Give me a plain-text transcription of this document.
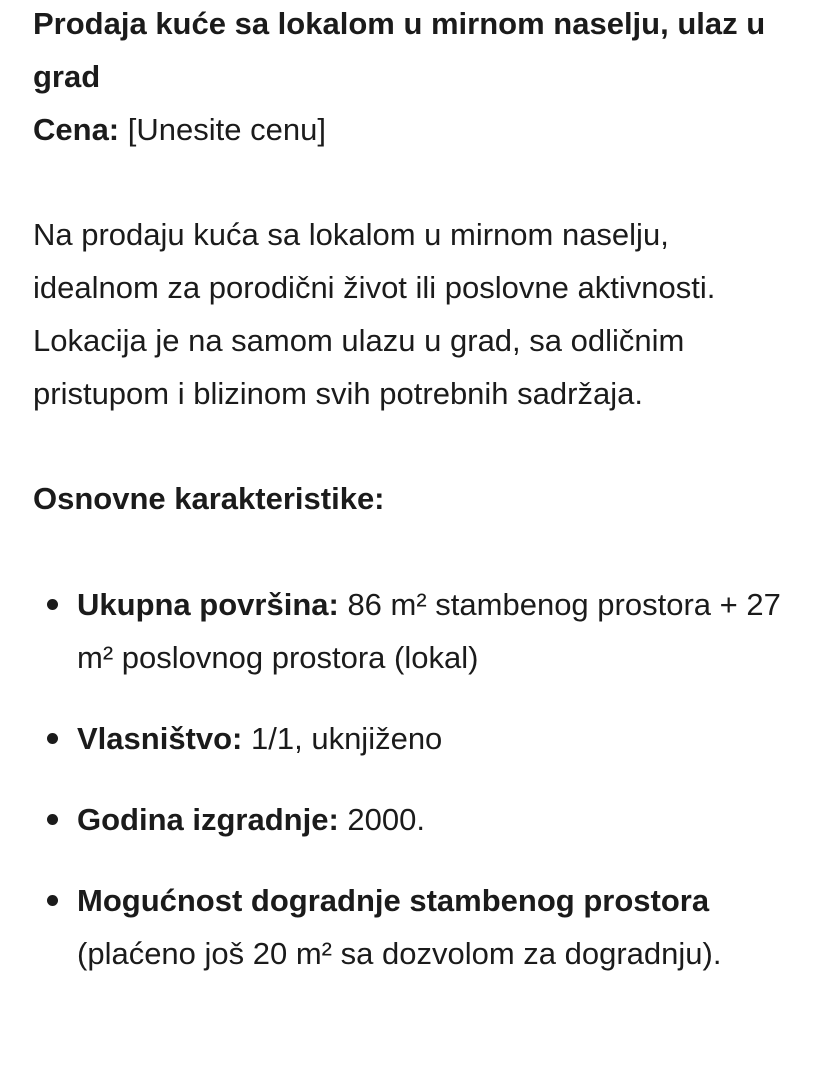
Prodaja kuće sa lokalom u mirnom naselju, ulaz u grad

Cena: [Unesite cenu]

Na prodaju kuća sa lokalom u mirnom naselju, idealnom za porodični život ili poslovne aktivnosti. Lokacija je na samom ulazu u grad, sa odličnim pristupom i blizinom svih potrebnih sadržaja.

Osnovne karakteristike:

Ukupna površina: 86 m² stambenog prostora + 27 m² poslovnog prostora (lokal)
Vlasništvo: 1/1, uknjiženo
Godina izgradnje: 2000.
Mogućnost dogradnje stambenog prostora (plaćeno još 20 m² sa dozvolom za dogradnju).
